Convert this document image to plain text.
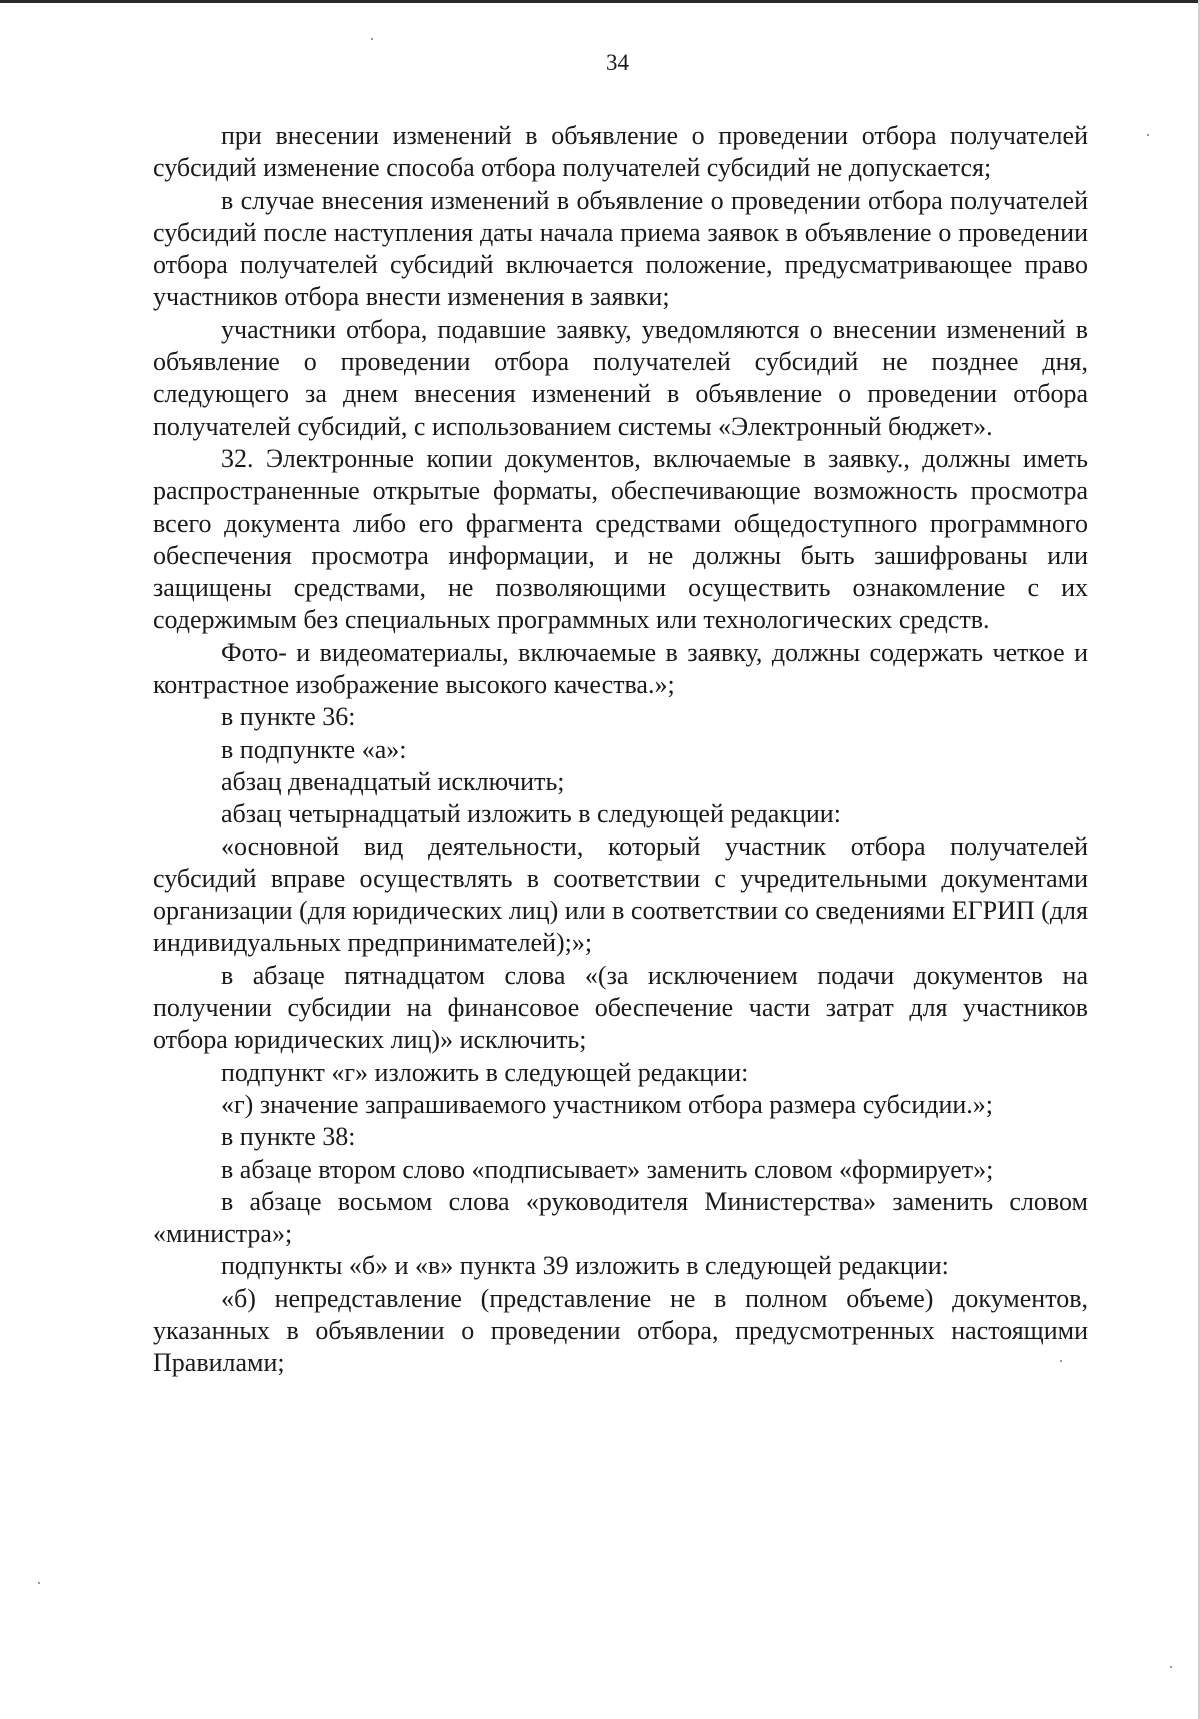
34

при внесении изменений в объявление о проведении отбора получателей субсидий изменение способа отбора получателей субсидий не допускается;

в случае внесения изменений в объявление о проведении отбора получателей субсидий после наступления даты начала приема заявок в объявление о проведении отбора получателей субсидий включается положение, предусматривающее право участников отбора внести изменения в заявки;

участники отбора, подавшие заявку, уведомляются о внесении изменений в объявление о проведении отбора получателей субсидий не позднее дня, следующего за днем внесения изменений в объявление о проведении отбора получателей субсидий, с использованием системы «Электронный бюджет».

32. Электронные копии документов, включаемые в заявку., должны иметь распространенные открытые форматы, обеспечивающие возможность просмотра всего документа либо его фрагмента средствами общедоступного программного обеспечения просмотра информации, и не должны быть зашифрованы или защищены средствами, не позволяющими осуществить ознакомление с их содержимым без специальных программных или технологических средств.

Фото- и видеоматериалы, включаемые в заявку, должны содержать четкое и контрастное изображение высокого качества.»;

в пункте 36:

в подпункте «а»:

абзац двенадцатый исключить;

абзац четырнадцатый изложить в следующей редакции:

«основной вид деятельности, который участник отбора получателей субсидий вправе осуществлять в соответствии с учредительными документами организации (для юридических лиц) или в соответствии со сведениями ЕГРИП (для индивидуальных предпринимателей);»;

в абзаце пятнадцатом слова «(за исключением подачи документов на получении субсидии на финансовое обеспечение части затрат для участников отбора юридических лиц)» исключить;

подпункт «г» изложить в следующей редакции:

«г) значение запрашиваемого участником отбора размера субсидии.»;

в пункте 38:

в абзаце втором слово «подписывает» заменить словом «формирует»;

в абзаце восьмом слова «руководителя Министерства» заменить словом «министра»;

подпункты «б» и «в» пункта 39 изложить в следующей редакции:

«б) непредставление (представление не в полном объеме) документов, указанных в объявлении о проведении отбора, предусмотренных настоящими Правилами;
